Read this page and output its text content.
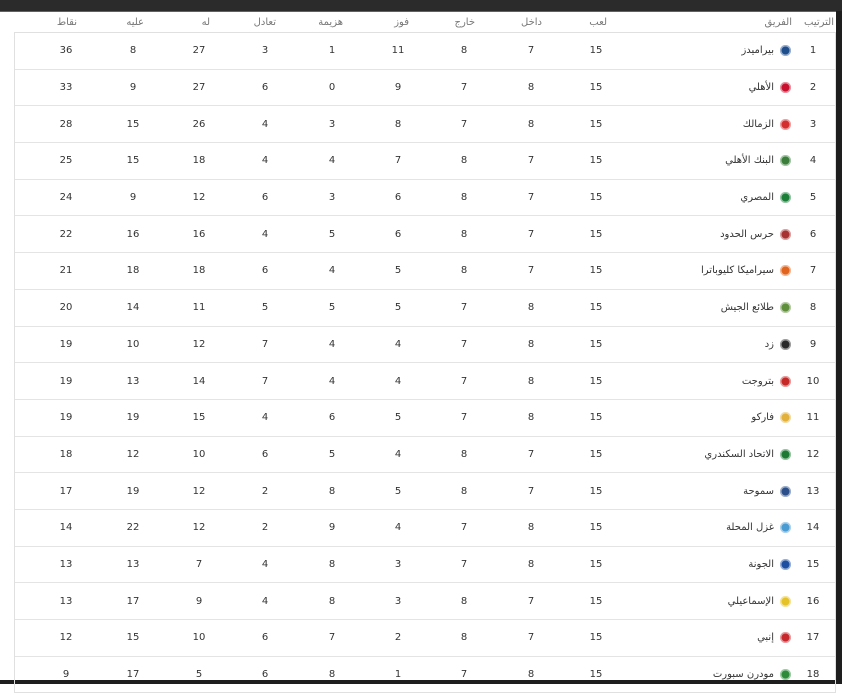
الترتيب
الفريق
لعب
داخل
خارج
فوز
هزيمة
تعادل
له
عليه
نقاط
1
بيراميدز
15
7
8
11
1
3
27
8
36
2
الأهلي
15
8
7
9
0
6
27
9
33
3
الزمالك
15
8
7
8
3
4
26
15
28
4
البنك الأهلي
15
7
8
7
4
4
18
15
25
5
المصري
15
7
8
6
3
6
12
9
24
6
حرس الحدود
15
7
8
6
5
4
16
16
22
7
سيراميكا كليوباترا
15
7
8
5
4
6
18
18
21
8
طلائع الجيش
15
8
7
5
5
5
11
14
20
9
زد
15
8
7
4
4
7
12
10
19
10
بتروجت
15
8
7
4
4
7
14
13
19
11
فاركو
15
8
7
5
6
4
15
19
19
12
الاتحاد السكندري
15
7
8
4
5
6
10
12
18
13
سموحة
15
7
8
5
8
2
12
19
17
14
غزل المحلة
15
8
7
4
9
2
12
22
14
15
الجونة
15
8
7
3
8
4
7
13
13
16
الإسماعيلي
15
7
8
3
8
4
9
17
13
17
إنبي
15
7
8
2
7
6
10
15
12
18
مودرن سبورت
15
8
7
1
8
6
5
17
9
